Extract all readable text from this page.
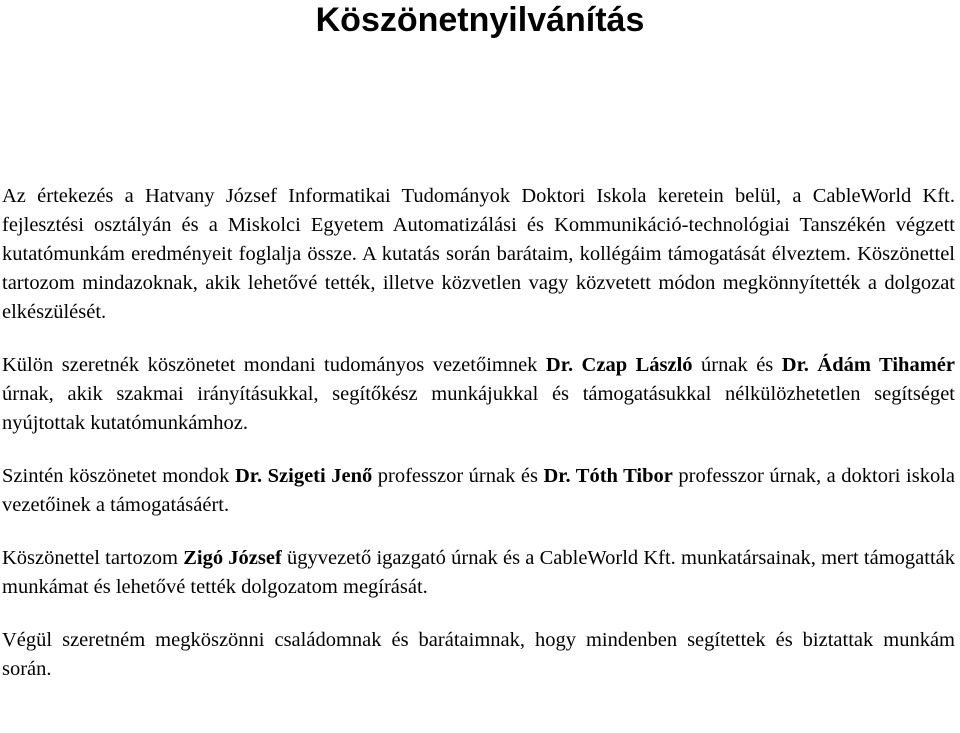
Köszönetnyilvánítás

Az értekezés a Hatvany József Informatikai Tudományok Doktori Iskola keretein belül, a CableWorld Kft. fejlesztési osztályán és a Miskolci Egyetem Automatizálási és Kommunikáció-technológiai Tanszékén végzett kutatómunkám eredményeit foglalja össze. A kutatás során barátaim, kollégáim támogatását élveztem. Köszönettel tartozom mindazoknak, akik lehetővé tették, illetve közvetlen vagy közvetett módon megkönnyítették a dolgozat elkészülését.

Külön szeretnék köszönetet mondani tudományos vezetőimnek Dr. Czap László úrnak és Dr. Ádám Tihamér úrnak, akik szakmai irányításukkal, segítőkész munkájukkal és támogatásukkal nélkülözhetetlen segítséget nyújtottak kutatómunkámhoz.

Szintén köszönetet mondok Dr. Szigeti Jenő professzor úrnak és Dr. Tóth Tibor professzor úrnak, a doktori iskola vezetőinek a támogatásáért.

Köszönettel tartozom Zigó József ügyvezető igazgató úrnak és a CableWorld Kft. munkatársainak, mert támogatták munkámat és lehetővé tették dolgozatom megírását.

Végül szeretném megköszönni családomnak és barátaimnak, hogy mindenben segítettek és biztattak munkám során.
